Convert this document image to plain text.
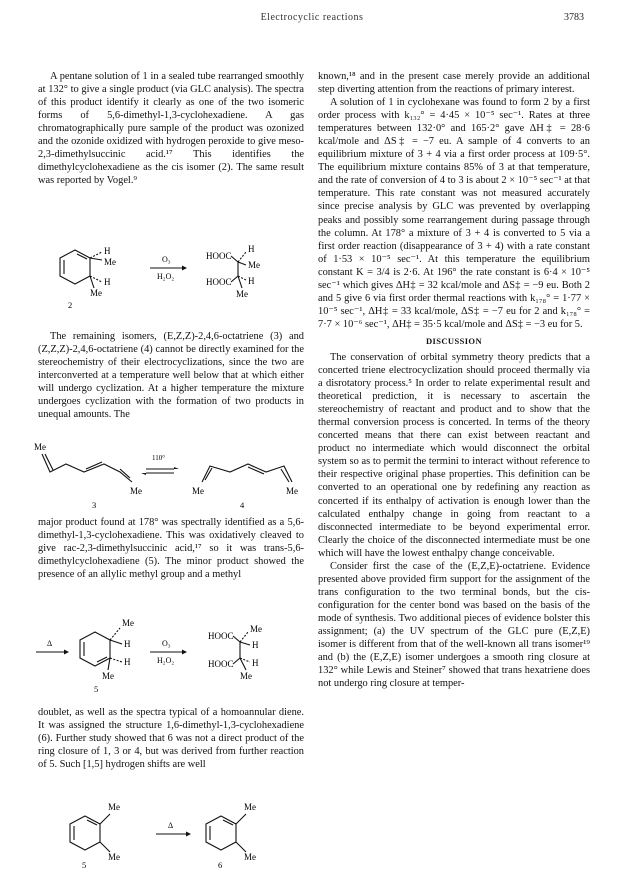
Electrocyclic reactions	3783

A pentane solution of 1 in a sealed tube rearranged smoothly at 132° to give a single product (via GLC analysis). The spectra of this product identify it clearly as one of the two isomeric forms of 5,6-dimethyl-1,3-cyclohexadiene. A gas chromatographically pure sample of the product was ozonized and the ozonide oxidized with hydrogen peroxide to give meso-2,3-dimethylsuccinic acid.¹⁷ This identifies the dimethylcyclohexadiene as the cis isomer (2). The same result was reported by Vogel.⁹

H
Me
H
Me
O₃
H₂O₂
HOOC
HOOC
H
Me
H
Me
2

The remaining isomers, (E,Z,Z)-2,4,6-octatriene (3) and (Z,Z,Z)-2,4,6-octatriene (4) cannot be directly examined for the stereochemistry of their electrocyclizations, since the two are interconverted at a temperature well below that at which either will undergo cyclization. At a higher temperature the mixture undergoes cyclization with the formation of two products in unequal amounts. The

Me
Me
110°
Me	Me
3	4

major product found at 178° was spectrally identified as a 5,6-dimethyl-1,3-cyclohexadiene. This was oxidatively cleaved to give rac-2,3-dimethylsuccinic acid,¹⁷ so it was trans-5,6-dimethylcyclohexadiene (5). The minor product showed the presence of an allylic methyl group and a methyl

Δ
Me
H
H
Me
O₃
H₂O₂
HOOC
HOOC
Me
H
H
Me
5

doublet, as well as the spectra typical of a homoannular diene. It was assigned the structure 1,6-dimethyl-1,3-cyclohexadiene (6). Further study showed that 6 was not a direct product of the ring closure of 1, 3 or 4, but was derived from further reaction of 5. Such [1,5] hydrogen shifts are well

Me
Me
Δ
Me
Me
5	6

known,¹⁸ and in the present case merely provide an additional step diverting attention from the reactions of primary interest.

A solution of 1 in cyclohexane was found to form 2 by a first order process with k₁₃₂° = 4·45 × 10⁻⁵ sec⁻¹. Rates at three temperatures between 132·0° and 165·2° gave ΔH‡ = 28·6 kcal/mole and ΔS‡ = −7 eu. A sample of 4 converts to an equilibrium mixture of 3 + 4 via a first order process at 109·5°. The equilibrium mixture contains 85% of 3 at that temperature, and the rate of conversion of 4 to 3 is about 2 × 10⁻⁵ sec⁻¹ at that temperature. This rate constant was not measured accurately since precise analysis by GLC was prevented by overlapping peaks and possibly some rearrangement during passage through the column. At 178° a mixture of 3 + 4 is converted to 5 via a first order reaction (disappearance of 3 + 4) with a rate constant of 1·53 × 10⁻⁵ sec⁻¹. At this temperature the equilibrium constant K = 3/4 is 2·6. At 196° the rate constant is 6·4 × 10⁻⁵ sec⁻¹ which gives ΔH‡ = 32 kcal/mole and ΔS‡ = −9 eu. Both 2 and 5 give 6 via first order thermal reactions with k₁₇₈° = 1·77 × 10⁻⁵ sec⁻¹, ΔH‡ = 33 kcal/mole, ΔS‡ = −7 eu for 2 and k₁₇₈° = 7·7 × 10⁻⁶ sec⁻¹, ΔH‡ = 35·5 kcal/mole and ΔS‡ = −3 eu for 5.

DISCUSSION

The conservation of orbital symmetry theory predicts that a concerted triene electrocyclization should proceed thermally via a disrotatory process.⁵ In order to relate experimental result and theoretical prediction, it is necessary to ascertain the stereochemistry of reactant and product and to show that the thermal conversion process is concerted. In terms of the theory concerted means that there can exist between reactant and product no intermediate which would disconnect the orbital system so as to permit the termini to interact without reference to their respective original phase properties. This definition can be converted to an operational one by redefining any reaction as concerted if its enthalpy of activation is enough lower than the calculated enthalpy change in going from reactant to a disconnected intermediate to be beyond experimental error. Clearly the choice of the disconnected intermediate must be one which will have the lowest enthalpy change conceivable.

Consider first the case of the (E,Z,E)-octatriene. Evidence presented above provided firm support for the assignment of the trans configuration to the two terminal bonds, but the cis-configuration for the center bond was based on the basis of the mode of synthesis. Two additional pieces of evidence bolster this assignment; (a) the UV spectrum of the GLC pure (E,Z,E) isomer is different from that of the well-known all trans isomer¹⁹ and (b) the (E,Z,E) isomer undergoes a smooth ring closure at 132° while Lewis and Steiner⁷ showed that trans hexatriene does not undergo ring closure at temper-
